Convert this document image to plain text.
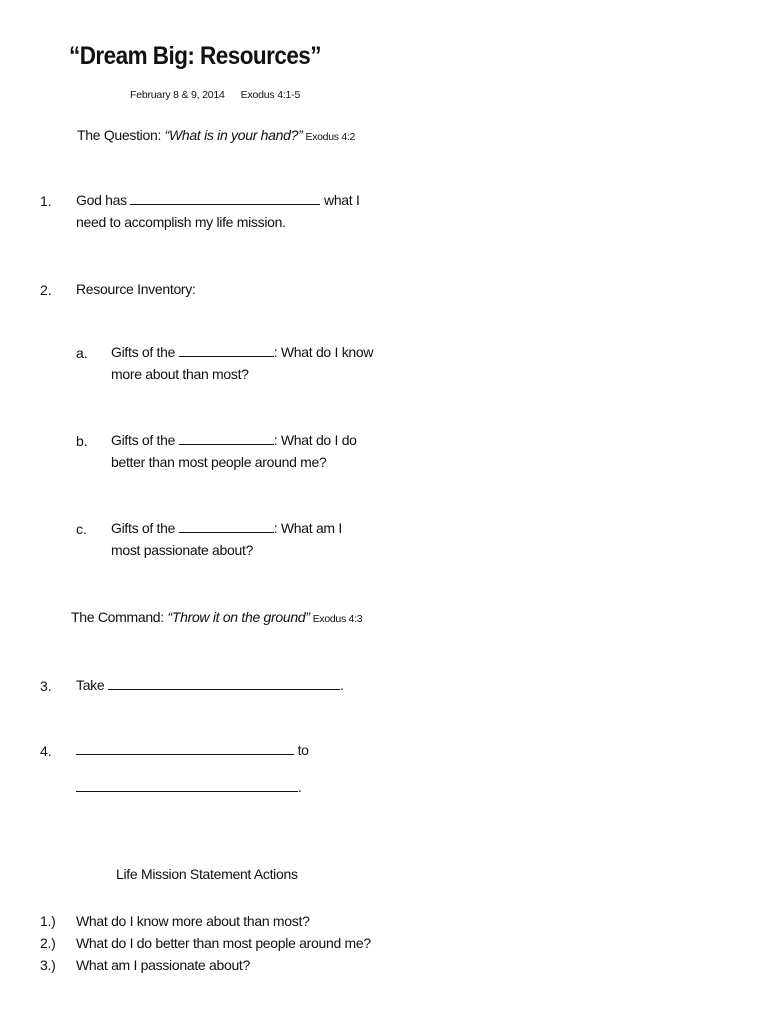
“Dream Big: Resources”
February 8 & 9, 2014 Exodus 4:1-5
The Question: “What is in your hand?” Exodus 4:2
1. God has	what I
need to accomplish my life mission.
2. Resource Inventory:
a. Gifts of the	: What do I know
more about than most?
b. Gifts of the	: What do I do
better than most people around me?
c. Gifts of the	: What am I
most passionate about?
The Command: “Throw it on the ground” Exodus 4:3
3. Take	.
4.	to
.
Life Mission Statement Actions
1.) What do I know more about than most?
2.) What do I do better than most people around me?
3.) What am I passionate about?
